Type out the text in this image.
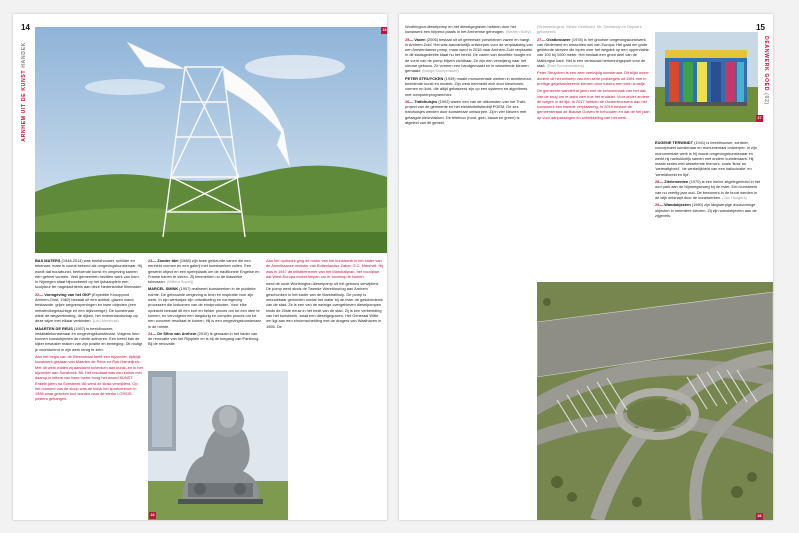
14
ARNHEM UIT DE KUNST HANDEK
19

BAS MATERS (1948-2014) was beeldhouwer, schilder en tekenaar, maar is vooral bekend als omgevingskunstenaar. Hij wordt dat bouwkunst, beeldende kunst en omgeving samen één geheel vormen. Veel gemeenten bezitten werk van hem. In Nijmegen staat bijvoorbeeld op het ijsbaanplein een sculptuur ter nagedachtenis aan deze Nederlandse filmmaker.

22— Vormgeving van het GKP (Expeditie Knooppunt Arnhem-Oost, 1982) bestaat uit een achttal, glazen wand, bestaande, grijze wegversperringen en twee objecten (een metalen/kegelachtige en een dijkvormige). De kunstenaar wilde de wegverbinding, de dijken, het rivierenlandschap op deze wijze met elkaar verbinden. (Leo Mershuis)

MAARTEN DE REUS (1957) is beeldhouwer, installatiekunstenaar en omgevingskunstenaar. Volgens hem kunnen kunstobjecten de ruimte activeren. Een beeld kan de kijker bewuster maken van zijn positie en beweging. Dit nodigt je voortdurend in zijn werk terug te zien.

Aan het begin van de Steenstraat heeft een bijzonder, tijdelijk kunstwerk gestaan van Maarten de Reus en Rob Hamelijnck. Met dit werk wilden zij aandacht schenken aan kunst, en in het bijzonder aan Sonsbeek '86. Het resultaat was een kolom met daarop in letters van twee meter hoog het woord KUNST. Enkele jaren na Sonsbeek '86 werd de kiosk verwijderd. Op het moment van de sloop was de kiosk het sportcentrum in 1986 waar gekeken kon worden naar de sterke LOSSIS-posters gehangen.

23— Zonder titel (1988) zijn twee gekleurde vanen die een eenheid vormen en een galerij met kunstwerken vullen. Een gewerkt object en een speelplaats om de traditionele Engelse en Franse tuinen te vieren. Zij kenmerken nu de klassieke tuinvazen. (Willem Snoeij)

MARCEL SMINK (1957) realiseert kunstwerken in de publieke ruimte. De gebouwde omgeving is bron en inspiratie voor zijn werk. In zijn werkwijze zijn ontwikkeling en vormgeving processen die loskomen van de eindproducten. Voor elke opdracht bestaat dit een kort en helder proces om tot een idee te komen, en vervolgens een langdurig en complex proces om tot een concreet resultaat te komen. Hij is een omgevingskunstenaar in de ruimte.

24— De Sfinx van Arnhem (2010) is gemaakt in het kader van de renovatie van het Rijnplein en is bij de toegang van Parkbrug. Bij de renovatie

Aan het opdracht ging de motor van het kunstwerk in het kader van de Amerikaanse minister van Buitenlandse Zaken G.C. Marshall. Hij was in 1947 de initiatiefnemer van het Marshallplan, het noodplan dat West-Europa moest helpen om er bovenop te komen.

werd de oude Worthington-dieselpomp uit het gebouw verwijderd. De pomp werd sinds de Tweede Wereldoorlog aan Arnhem geschonken in het kader van de Marshallhulp. De pomp is onbruikbaar geworden omdat het water bij de rivier de geschiedenis van de stad. Ze is een van de weinige overgebleven dieselpompen sinds de 20ste eeuw in het bezit van de stad. Zij is een verbeelding van het kunstwerk, staat een dieselgegraven. Het Generaal Witte om ligt aan een stroomscheiding met de dragers van Waalhaven in 1965. De

24
15
DEANWERK GOED (02)

Worthington-dieselpomp en het dieselgegraven hebben door het kunstwerk een blijvend plaats in het Arnhemse geheugen. (Warren Kutty)

25— Vaxen (2006) bestaat uit uit gefreesde porseleinen vazen en hangt in Arnhem-Zuid. Het was aanvankelijk ontworpen voor de verplaatsing van een Amsterdamse pomp, maar werd in 2016 naar Arnhem-Zuid verplaatst. In dit stadsgedeelte staat nu het beeld. De vazen van dezelfde hoogte en de vorm van de pomp blijven zichtbaar. Ze zijn een verwijzing naar het nieuwe gebouw. Ze vormen een handgemaakt en in wisselende kleuren gemaakt. (Marga Klompmaker)

PETER STRUYCKEN (1939) maakt monumentale werken in architectuur, beeldende kunst en muziek. Zijn werk kenmerkt zich door kleurtonen, vormen en licht, die altijd gebaseerd zijn op een systeem en algoritmes met computerprogramma's.

26— Trafohuisjes (1992) waren een van de uitkomsten van het Trafo-project van de gemeente en het elektriciteitsbedrijf PGEM. De zes trafohuisjes werden door kunstenaar ontworpen. Zij in vier kleuren met gelaagde kleurvlakken. De telefoon (rood, geel, blauw en groen) is afgeleid van dit geheel.

(Scheveningen). Minke Geelhoed, Mr. Gebrandy en Depuers gebaseerd.

27— Oostbrouwer (1978) is het grootste omgevingskunstwerk van Nederland en misschien wel van Europa. Het gaat om grote gekleurde strepen die lopen over het wegdek op een oppervlakte van 100 bij 1000 meter. Het beslaat een groot deel van de Malburgse kant. Het is een vertrouwd herkenningspunt voor de stad. (Roel Schoenmakers)

Peter Struycken is een zeer veelzijdig kunstenaar. Dit blijkt onder andere uit het ontwerp van een serie postzegels uit 1981 met in prettige gegalvaniseerde kleuren door tussen een klein kunstje.

De gemeente wandelt al jaren met de schoonmaak van het dak van de brug om te laten zien hoe het eruitziet. Voor onder andere de wegen in de tijd. In 2017 hebben de Oosterbrouwers aan het kunstwerk een tweede verplaatsing. In 2019 besloot de gemeenteraad de Blauwe Golven te behouden en dat de het plan op voor aanpassingen en ontwikkeling van het werk.	27

EUGENE TERWINDT (1941) is beeldhouwer, schilder, conceptueel kunstenaar en monumentaal ontwerper. In zijn monumentale werk is hij vooral omgevingskunstenaar en werkt hij nadrukkelijk samen met andere kunstenaars. Hij maakt series met wisselende thema's, zoals 'flora' en 'wetmatigheid', 'de werkelijkheid van een hallucinatie' en 'wereldbeeld en tijd'.

28— Zitelementen (1970) is een kleine zitgelegenheid in het oud park aan de Nijmeegseweg bij de rivier. Een kunstwerk van nu veertig jaar oud. De bewoners in de buurt werden in de wijk ontsnapt door de kunstwerken. (Jan Heugers)

29— Wandobjecten (1980) zijn langwerpige doosvormige objecten in meerdere kleuren. Zij zijn wandobjecten aan de zijgevels.

26
